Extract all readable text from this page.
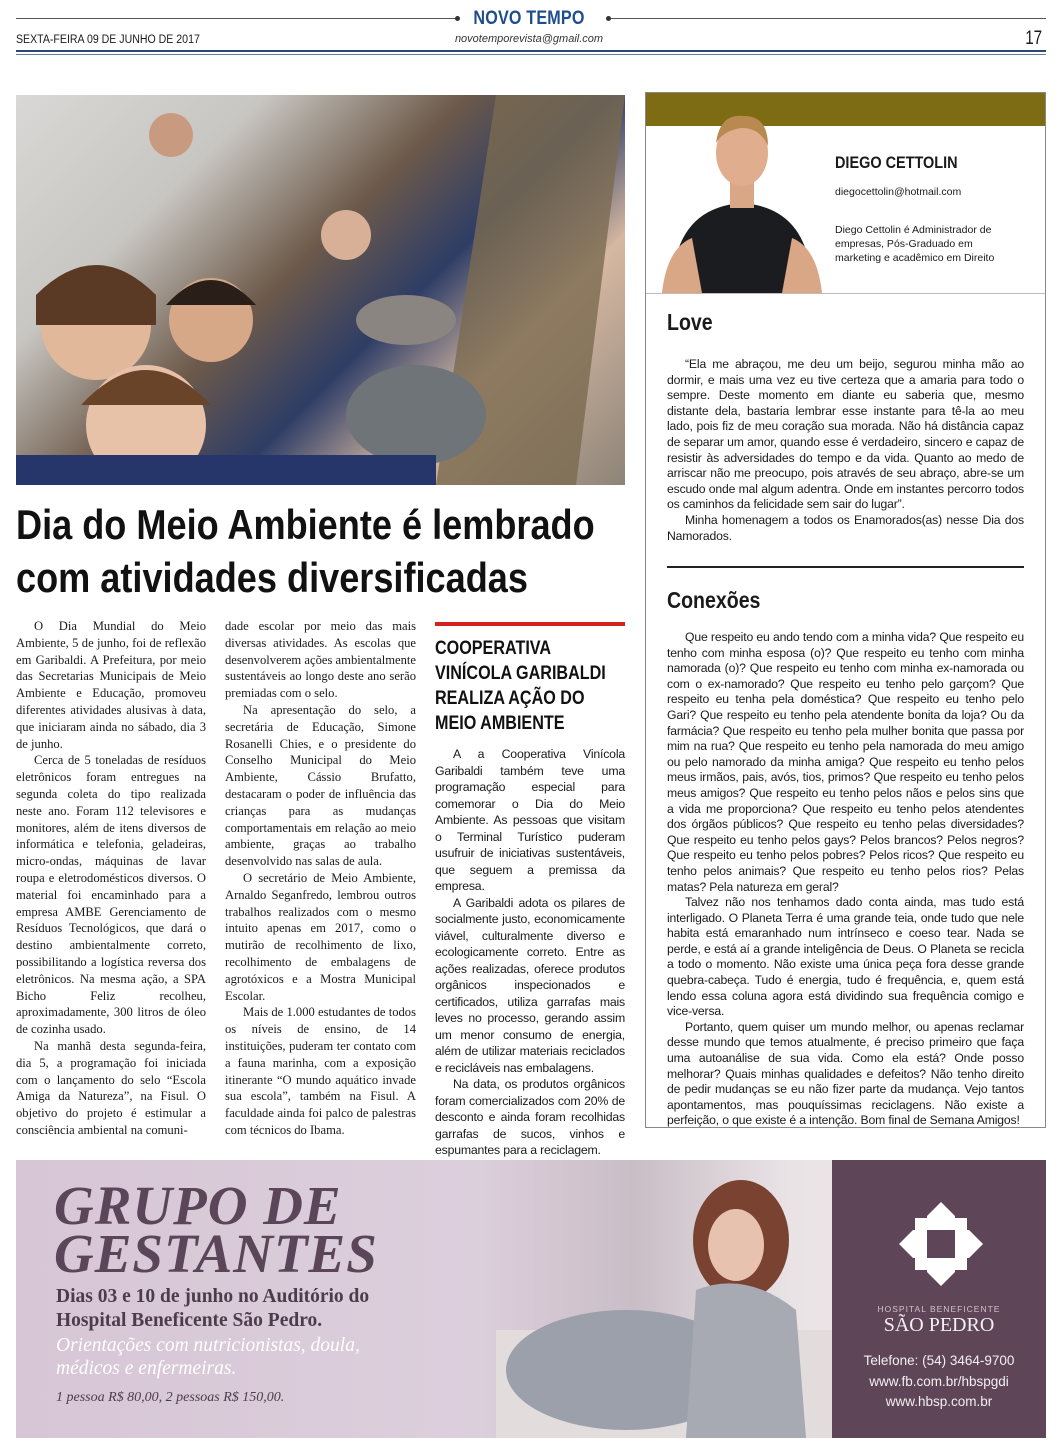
NOVO TEMPO
novotemporevista@gmail.com
SEXTA-FEIRA 09 DE JUNHO DE 2017	17
Dia do Meio Ambiente é lembrado com atividades diversificadas

O Dia Mundial do Meio Ambiente, 5 de junho, foi de reflexão em Garibaldi. A Prefeitura, por meio das Secretarias Municipais de Meio Ambiente e Educação, promoveu diferentes atividades alusivas à data, que iniciaram ainda no sábado, dia 3 de junho.

Cerca de 5 toneladas de resíduos eletrônicos foram entregues na segunda coleta do tipo realizada neste ano. Foram 112 televisores e monitores, além de itens diversos de informática e telefonia, geladeiras, micro-ondas, máquinas de lavar roupa e eletrodomésticos diversos. O material foi encaminhado para a empresa AMBE Gerenciamento de Resíduos Tecnológicos, que dará o destino ambientalmente correto, possibilitando a logística reversa dos eletrônicos. Na mesma ação, a SPA Bicho Feliz recolheu, aproximadamente, 300 litros de óleo de cozinha usado.

Na manhã desta segunda-feira, dia 5, a programação foi iniciada com o lançamento do selo “Escola Amiga da Natureza”, na Fisul. O objetivo do projeto é estimular a consciência ambiental na comuni-

dade escolar por meio das mais diversas atividades. As escolas que desenvolverem ações ambientalmente sustentáveis ao longo deste ano serão premiadas com o selo.

Na apresentação do selo, a secretária de Educação, Simone Rosanelli Chies, e o presidente do Conselho Municipal do Meio Ambiente, Cássio Brufatto, destacaram o poder de influência das crianças para as mudanças comportamentais em relação ao meio ambiente, graças ao trabalho desenvolvido nas salas de aula.

O secretário de Meio Ambiente, Arnaldo Seganfredo, lembrou outros trabalhos realizados com o mesmo intuito apenas em 2017, como o mutirão de recolhimento de lixo, recolhimento de embalagens de agrotóxicos e a Mostra Municipal Escolar.

Mais de 1.000 estudantes de todos os níveis de ensino, de 14 instituições, puderam ter contato com a fauna marinha, com a exposição itinerante “O mundo aquático invade sua escola”, também na Fisul. A faculdade ainda foi palco de palestras com técnicos do Ibama.

COOPERATIVA VINÍCOLA GARIBALDI REALIZA AÇÃO DO MEIO AMBIENTE

A a Cooperativa Vinícola Garibaldi também teve uma programação especial para comemorar o Dia do Meio Ambiente. As pessoas que visitam o Terminal Turístico puderam usufruir de iniciativas sustentáveis, que seguem a premissa da empresa.

A Garibaldi adota os pilares de socialmente justo, economicamente viável, culturalmente diverso e ecologicamente correto. Entre as ações realizadas, oferece produtos orgânicos inspecionados e certificados, utiliza garrafas mais leves no processo, gerando assim um menor consumo de energia, além de utilizar materiais reciclados e recicláveis nas embalagens.

Na data, os produtos orgânicos foram comercializados com 20% de desconto e ainda foram recolhidas garrafas de sucos, vinhos e espumantes para a reciclagem.

DIEGO CETTOLIN
diegocettolin@hotmail.com
Diego Cettolin é Administrador de empresas, Pós-Graduado em marketing e acadêmico em Direito
Love

“Ela me abraçou, me deu um beijo, segurou minha mão ao dormir, e mais uma vez eu tive certeza que a amaria para todo o sempre. Deste momento em diante eu saberia que, mesmo distante dela, bastaria lembrar esse instante para tê-la ao meu lado, pois fiz de meu coração sua morada. Não há distância capaz de separar um amor, quando esse é verdadeiro, sincero e capaz de resistir às adversidades do tempo e da vida. Quanto ao medo de arriscar não me preocupo, pois através de seu abraço, abre-se um escudo onde mal algum adentra. Onde em instantes percorro todos os caminhos da felicidade sem sair do lugar”.

Minha homenagem a todos os Enamorados(as) nesse Dia dos Namorados.

Conexões

Que respeito eu ando tendo com a minha vida? Que respeito eu tenho com minha esposa (o)? Que respeito eu tenho com minha namorada (o)? Que respeito eu tenho com minha ex-namorada ou com o ex-namorado? Que respeito eu tenho pelo garçom? Que respeito eu tenha pela doméstica? Que respeito eu tenho pelo Gari? Que respeito eu tenho pela atendente bonita da loja? Ou da farmácia? Que respeito eu tenho pela mulher bonita que passa por mim na rua? Que respeito eu tenho pela namorada do meu amigo ou pelo namorado da minha amiga? Que respeito eu tenho pelos meus irmãos, pais, avós, tios, primos? Que respeito eu tenho pelos meus amigos? Que respeito eu tenho pelos nãos e pelos sins que a vida me proporciona? Que respeito eu tenho pelos atendentes dos órgãos públicos? Que respeito eu tenho pelas diversidades? Que respeito eu tenho pelos gays? Pelos brancos? Pelos negros? Que respeito eu tenho pelos pobres? Pelos ricos? Que respeito eu tenho pelos animais? Que respeito eu tenho pelos rios? Pelas matas? Pela natureza em geral?

Talvez não nos tenhamos dado conta ainda, mas tudo está interligado. O Planeta Terra é uma grande teia, onde tudo que nele habita está emaranhado num intrínseco e coeso tear. Nada se perde, e está aí a grande inteligência de Deus. O Planeta se recicla a todo o momento. Não existe uma única peça fora desse grande quebra-cabeça. Tudo é energia, tudo é frequência, e, quem está lendo essa coluna agora está dividindo sua frequência comigo e vice-versa.

Portanto, quem quiser um mundo melhor, ou apenas reclamar desse mundo que temos atualmente, é preciso primeiro que faça uma autoanálise de sua vida. Como ela está? Onde posso melhorar? Quais minhas qualidades e defeitos? Não tenho direito de pedir mudanças se eu não fizer parte da mudança. Vejo tantos apontamentos, mas pouquíssimas reciclagens. Não existe a perfeição, o que existe é a intenção. Bom final de Semana Amigos!

GRUPO DE
GESTANTES
Dias 03 e 10 de junho no Auditório do Hospital Beneficente São Pedro.
Orientações com nutricionistas, doula, médicos e enfermeiras.
1 pessoa R$ 80,00, 2 pessoas R$ 150,00.
HOSPITAL BENEFICENTE
SÃO PEDRO
Telefone: (54) 3464-9700
www.fb.com.br/hbspgdi
www.hbsp.com.br
